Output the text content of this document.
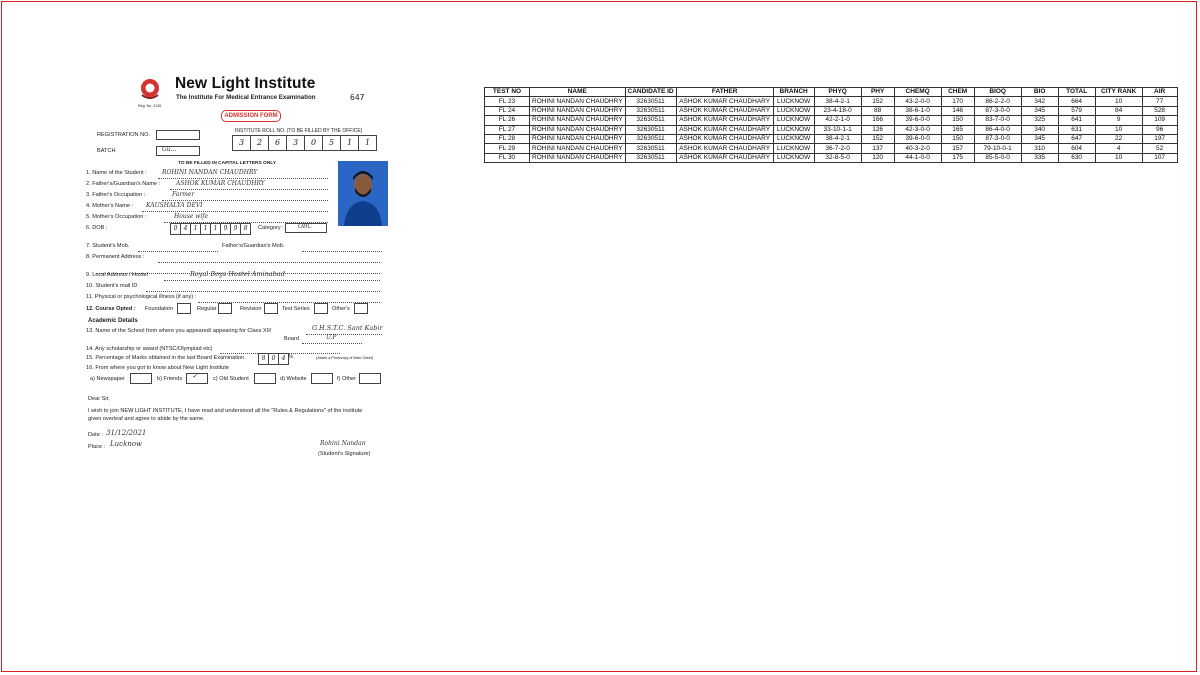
Reg. No. 2145
New Light Institute
The Institute For Medical Entrance Examination	647
ADMISSION FORM
REGISTRATION NO.
INSTITUTE ROLL NO. (TO BE FILLED BY THE OFFICE)
3	2	6	3	0	5	1	1
BATCH	Gu...
TO BE FILLED IN CAPITAL LETTERS ONLY
1. Name of the Student :	ROHINI NANDAN CHAUDHRY
2. Father's/Guardian's Name :	ASHOK KUMAR CHAUDHRY
3. Father's Occupation :	Farmer
4. Mother's Name : KAUSHALYA DEVI
5. Mother's Occupation :	House wife
6. DOB :	0	4	1	1	1	9	9	8	Category : OBC
7. Student's Mob.	Father's/Guardian's Mob.
8. Permanent Address :
9. Local Address / Hostel	Royal Boys Hostel Aminabad
10. Student's mail ID
11. Physical or psychological illness (if any) :
12. Course Opted : Foundation	Regular	Revision	Test Series	Other's
Academic Details
13. Name of the School from where you appeared/ appearing for Class XII/	G.H.S.T.C. Sant Kabir
Board	U.P
14. Any scholarship or award (NTSC/Olympiad etc)
15. Percentage of Marks obtained in the last Board Examination	8	0	4 %	(Attach a Photocopy of Mark Sheet)
16. From where you got to know about New Light Institute
a) Newspaper	b) Friends ✓	c) Old Student	d) Website	f) Other
Dear Sir,
I wish to join NEW LIGHT INSTITUTE, I have read and understood all the "Rules & Regulations" of the institute
given overleaf and agree to abide by the same.
Date : 31/12/2021
Place : Lucknow	Rohini Nandan
(Student's Signature)
TEST NO	NAME	CANDIDATE ID	FATHER	BRANCH	PHYQ	PHY	CHEMQ	CHEM	BIOQ	BIO	TOTAL	CITY RANK	AIR
FL 23	ROHINI NANDAN CHAUDHRY	32630511	ASHOK KUMAR CHAUDHARY	LUCKNOW	38-4-2-1	152	43-2-0-0	170	86-2-2-0	342	664	10	77
FL 24	ROHINI NANDAN CHAUDHRY	32630511	ASHOK KUMAR CHAUDHARY	LUCKNOW	23-4-18-0	88	38-6-1-0	146	87-3-0-0	345	579	84	528
FL 26	ROHINI NANDAN CHAUDHRY	32630511	ASHOK KUMAR CHAUDHARY	LUCKNOW	42-2-1-0	166	39-6-0-0	150	83-7-0-0	325	641	9	109
FL 27	ROHINI NANDAN CHAUDHRY	32630511	ASHOK KUMAR CHAUDHARY	LUCKNOW	33-10-1-1	126	42-3-0-0	165	86-4-0-0	340	631	10	96
FL 28	ROHINI NANDAN CHAUDHRY	32630511	ASHOK KUMAR CHAUDHARY	LUCKNOW	38-4-2-1	152	39-6-0-0	150	87-3-0-0	345	647	22	197
FL 29	ROHINI NANDAN CHAUDHRY	32630511	ASHOK KUMAR CHAUDHARY	LUCKNOW	36-7-2-0	137	40-3-2-0	157	79-10-0-1	310	604	4	52
FL 30	ROHINI NANDAN CHAUDHRY	32630511	ASHOK KUMAR CHAUDHARY	LUCKNOW	32-8-5-0	120	44-1-0-0	175	85-5-0-0	335	630	10	107
